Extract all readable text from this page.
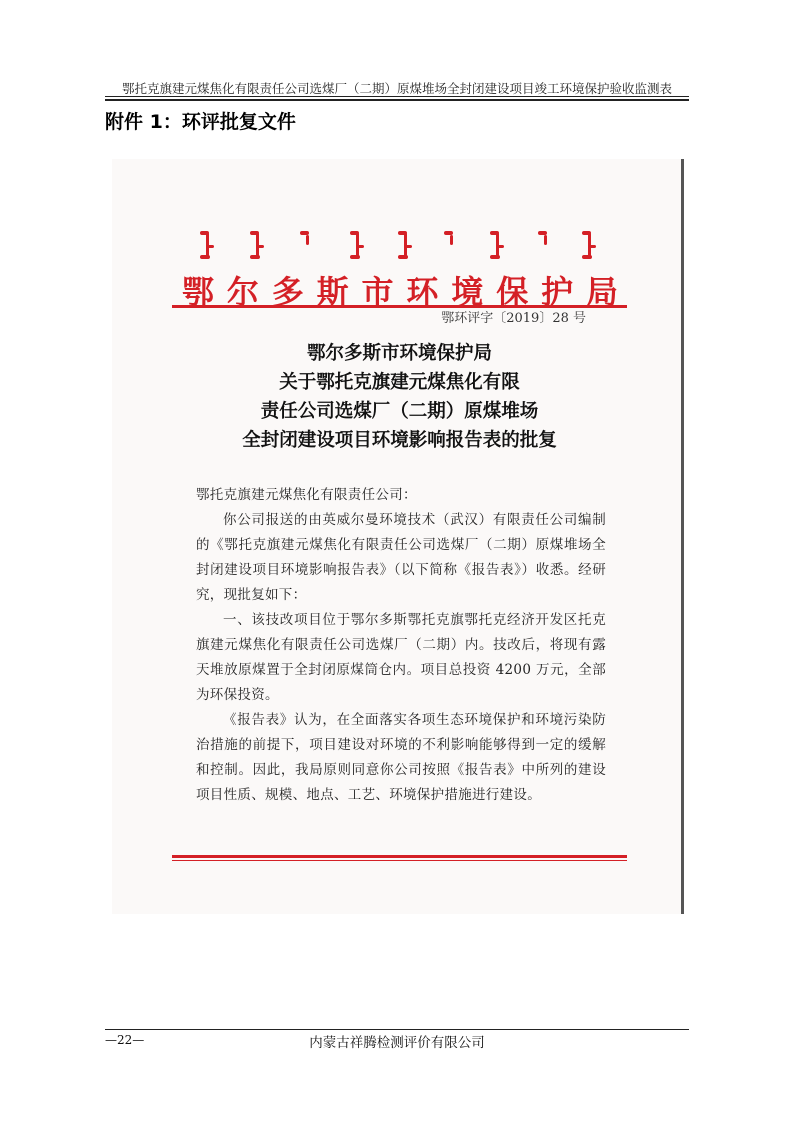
鄂托克旗建元煤焦化有限责任公司选煤厂（二期）原煤堆场全封闭建设项目竣工环境保护验收监测表
附件 1：环评批复文件
鄂尔多斯市环境保护局
鄂环评字〔2019〕28 号
鄂尔多斯市环境保护局
关于鄂托克旗建元煤焦化有限
责任公司选煤厂（二期）原煤堆场
全封闭建设项目环境影响报告表的批复

鄂托克旗建元煤焦化有限责任公司：

你公司报送的由英威尔曼环境技术（武汉）有限责任公司编制的《鄂托克旗建元煤焦化有限责任公司选煤厂（二期）原煤堆场全封闭建设项目环境影响报告表》（以下简称《报告表》）收悉。经研究，现批复如下：

一、该技改项目位于鄂尔多斯鄂托克旗鄂托克经济开发区托克旗建元煤焦化有限责任公司选煤厂（二期）内。技改后，将现有露天堆放原煤置于全封闭原煤筒仓内。项目总投资 4200 万元，全部为环保投资。

《报告表》认为，在全面落实各项生态环境保护和环境污染防治措施的前提下，项目建设对环境的不利影响能够得到一定的缓解和控制。因此，我局原则同意你公司按照《报告表》中所列的建设项目性质、规模、地点、工艺、环境保护措施进行建设。

—22—	内蒙古祥腾检测评价有限公司
